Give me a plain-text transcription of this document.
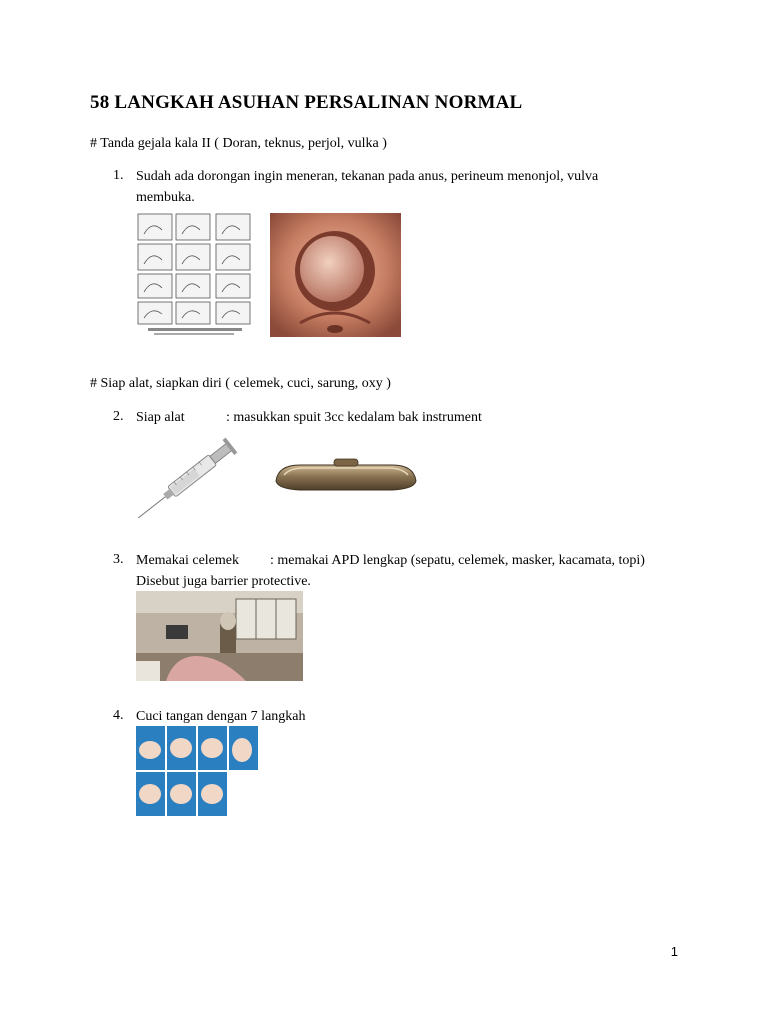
58 LANGKAH ASUHAN PERSALINAN NORMAL
# Tanda gejala kala II ( Doran, teknus, perjol, vulka )
1. Sudah ada dorongan ingin meneran, tekanan pada anus, perineum menonjol, vulva
membuka.
# Siap alat, siapkan diri ( celemek, cuci, sarung, oxy )
2. Siap alat	: masukkan spuit 3cc kedalam bak instrument
3. Memakai celemek : memakai APD lengkap (sepatu, celemek, masker, kacamata, topi)
Disebut juga barrier protective.
4. Cuci tangan dengan 7 langkah
1
